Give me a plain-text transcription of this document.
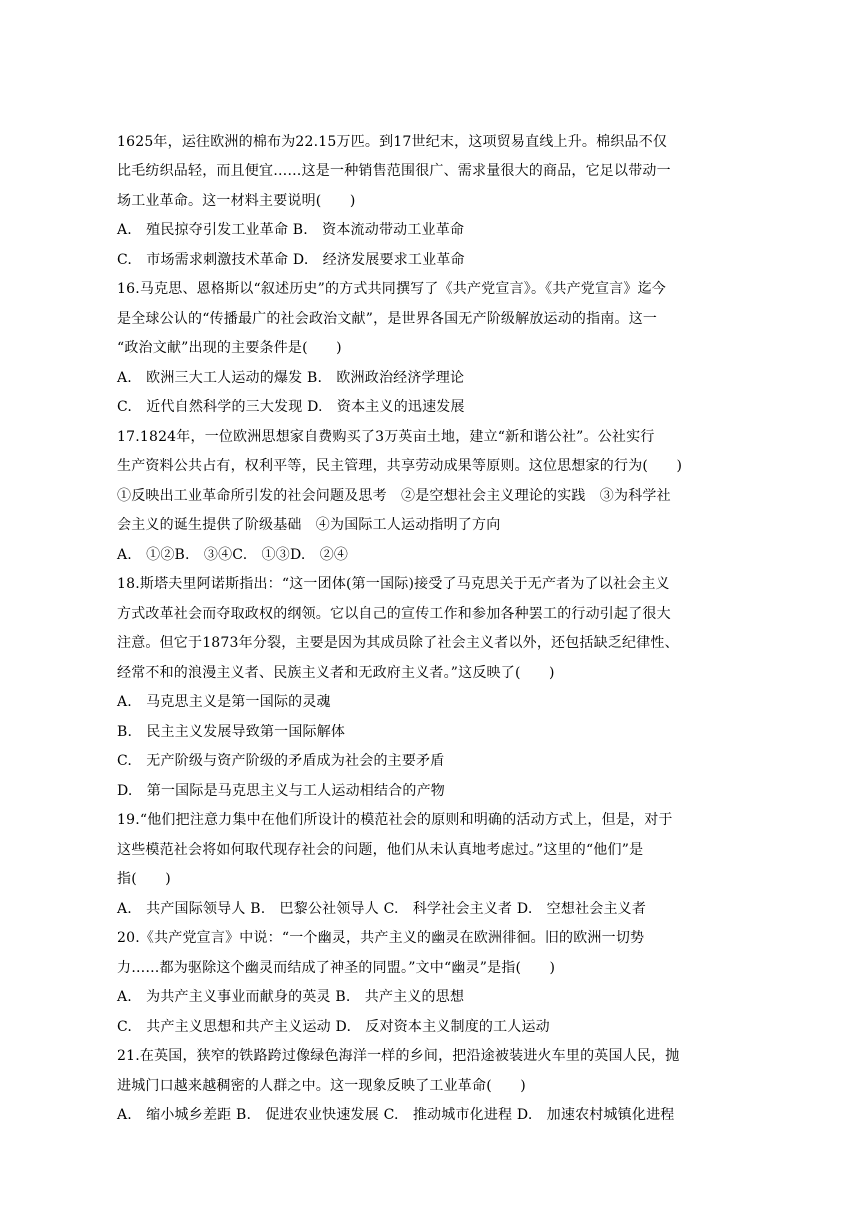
1625年，运往欧洲的棉布为22.15万匹。到17世纪末，这项贸易直线上升。棉织品不仅
比毛纺织品轻，而且便宜……这是一种销售范围很广、需求量很大的商品，它足以带动一
场工业革命。这一材料主要说明(　　)
A.　殖民掠夺引发工业革命 B.　资本流动带动工业革命
C.　市场需求刺激技术革命 D.　经济发展要求工业革命
16.马克思、恩格斯以“叙述历史”的方式共同撰写了《共产党宣言》。《共产党宣言》迄今
是全球公认的“传播最广的社会政治文献”，是世界各国无产阶级解放运动的指南。这一
“政治文献”出现的主要条件是(　　)
A.　欧洲三大工人运动的爆发 B.　欧洲政治经济学理论
C.　近代自然科学的三大发现 D.　资本主义的迅速发展
17.1824年，一位欧洲思想家自费购买了3万英亩土地，建立“新和谐公社”。公社实行
生产资料公共占有，权利平等，民主管理，共享劳动成果等原则。这位思想家的行为(　　)
①反映出工业革命所引发的社会问题及思考　②是空想社会主义理论的实践　③为科学社
会主义的诞生提供了阶级基础　④为国际工人运动指明了方向
A.　①②B.　③④C.　①③D.　②④
18.斯塔夫里阿诺斯指出：“这一团体(第一国际)接受了马克思关于无产者为了以社会主义
方式改革社会而夺取政权的纲领。它以自己的宣传工作和参加各种罢工的行动引起了很大
注意。但它于1873年分裂，主要是因为其成员除了社会主义者以外，还包括缺乏纪律性、
经常不和的浪漫主义者、民族主义者和无政府主义者。”这反映了(　　)
A.　马克思主义是第一国际的灵魂
B.　民主主义发展导致第一国际解体
C.　无产阶级与资产阶级的矛盾成为社会的主要矛盾
D.　第一国际是马克思主义与工人运动相结合的产物
19.“他们把注意力集中在他们所设计的模范社会的原则和明确的活动方式上，但是，对于
这些模范社会将如何取代现存社会的问题，他们从未认真地考虑过。”这里的“他们”是
指(　　)
A.　共产国际领导人 B.　巴黎公社领导人 C.　科学社会主义者 D.　空想社会主义者
20.《共产党宣言》中说：“一个幽灵，共产主义的幽灵在欧洲徘徊。旧的欧洲一切势
力……都为驱除这个幽灵而结成了神圣的同盟。”文中“幽灵”是指(　　)
A.　为共产主义事业而献身的英灵 B.　共产主义的思想
C.　共产主义思想和共产主义运动 D.　反对资本主义制度的工人运动
21.在英国，狭窄的铁路跨过像绿色海洋一样的乡间，把沿途被装进火车里的英国人民，抛
进城门口越来越稠密的人群之中。这一现象反映了工业革命(　　)
A.　缩小城乡差距 B.　促进农业快速发展 C.　推动城市化进程 D.　加速农村城镇化进程
